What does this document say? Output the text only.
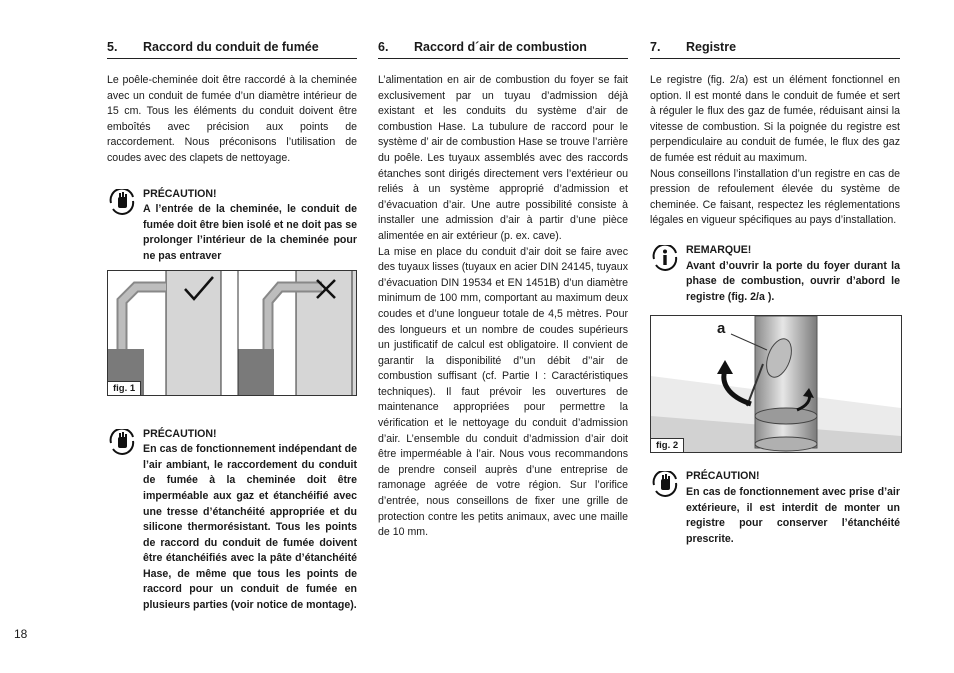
5.	Raccord du conduit de fumée

Le poêle-cheminée doit être raccordé à la cheminée avec un conduit de fumée d’un diamètre intérieur de 15 cm. Tous les éléments du conduit doivent être emboîtés avec précision aux points de raccordement. Nous préconisons l’utilisation de coudes avec des clapets de nettoyage.

PRÉCAUTION!
A l’entrée de la cheminée, le conduit de fumée doit être bien isolé et ne doit pas se prolonger l’intérieur de la cheminée pour ne pas entraver
PRÉCAUTION!
En cas de fonctionnement indépendant de l’air ambiant, le raccordement du conduit de fumée à la cheminée doit être imperméable aux gaz et étanchéifié avec une tresse d’étanchéité appropriée et du silicone thermorésistant. Tous les points de raccord du conduit de fumée doivent être étanchéifiés avec la pâte d’étanchéité Hase, de même que tous les points de raccord pour un conduit de fumée en plusieurs parties (voir notice de montage).
fig. 1
6.	Raccord d´air de combustion

L’alimentation en air de combustion du foyer se fait exclusivement par un tuyau d’admission déjà existant et les conduits du système d’air de combustion Hase. La tubulure de raccord pour le système d’ air de combustion Hase se trouve l’arrière du poêle. Les tuyaux assemblés avec des raccords étanches sont dirigés directement vers l’extérieur ou reliés à un système approprié d’admission et d’évacuation d’air. Une autre possibilité consiste à installer une admission d’air à partir d’une pièce alimentée en air extérieur (p. ex. cave).

La mise en place du conduit d’air doit se faire avec des tuyaux lisses (tuyaux en acier DIN 24145, tuyaux d’évacuation DIN 19534 et EN 1451B) d’un diamètre minimum de 100 mm, comportant au maximum deux coudes et d’une longueur totale de 4,5 mètres. Pour des longueurs et un nombre de coudes supérieurs un justificatif de calcul est obligatoire. Il convient de garantir la disponibilité d’’un débit d’’air de combustion suffisant (cf. Partie I : Caractéristiques techniques). Il faut prévoir les ouvertures de maintenance appropriées pour permettre la vérification et le nettoyage du conduit d’admission d’air. L’ensemble du conduit d’admission d’air doit être imperméable à l’air. Nous vous recommandons de prendre conseil auprès d’une entreprise de ramonage agréée de votre région. Sur l’orifice d’entrée, nous conseillons de fixer une grille de protection contre les petits animaux, avec une maille de 10 mm.

7.	Registre

Le registre (fig. 2/a) est un élément fonctionnel en option. Il est monté dans le conduit de fumée et sert à réguler le flux des gaz de fumée, réduisant ainsi la vitesse de combustion. Si la poignée du registre est perpendiculaire au conduit de fumée, le flux des gaz de fumée est réduit au maximum.

Nous conseillons l’installation d’un registre en cas de pression de refoulement élevée du système de cheminée. Ce faisant, respectez les réglementations légales en vigueur spécifiques au pays d’installation.

REMARQUE!
Avant d’ouvrir la porte du foyer durant la phase de combustion, ouvrir d’abord le registre (fig. 2/a ).
PRÉCAUTION!
En cas de fonctionnement avec prise d’air extérieure, il est interdit de monter un registre pour conserver l’étanchéité prescrite.
a
fig. 2
18
